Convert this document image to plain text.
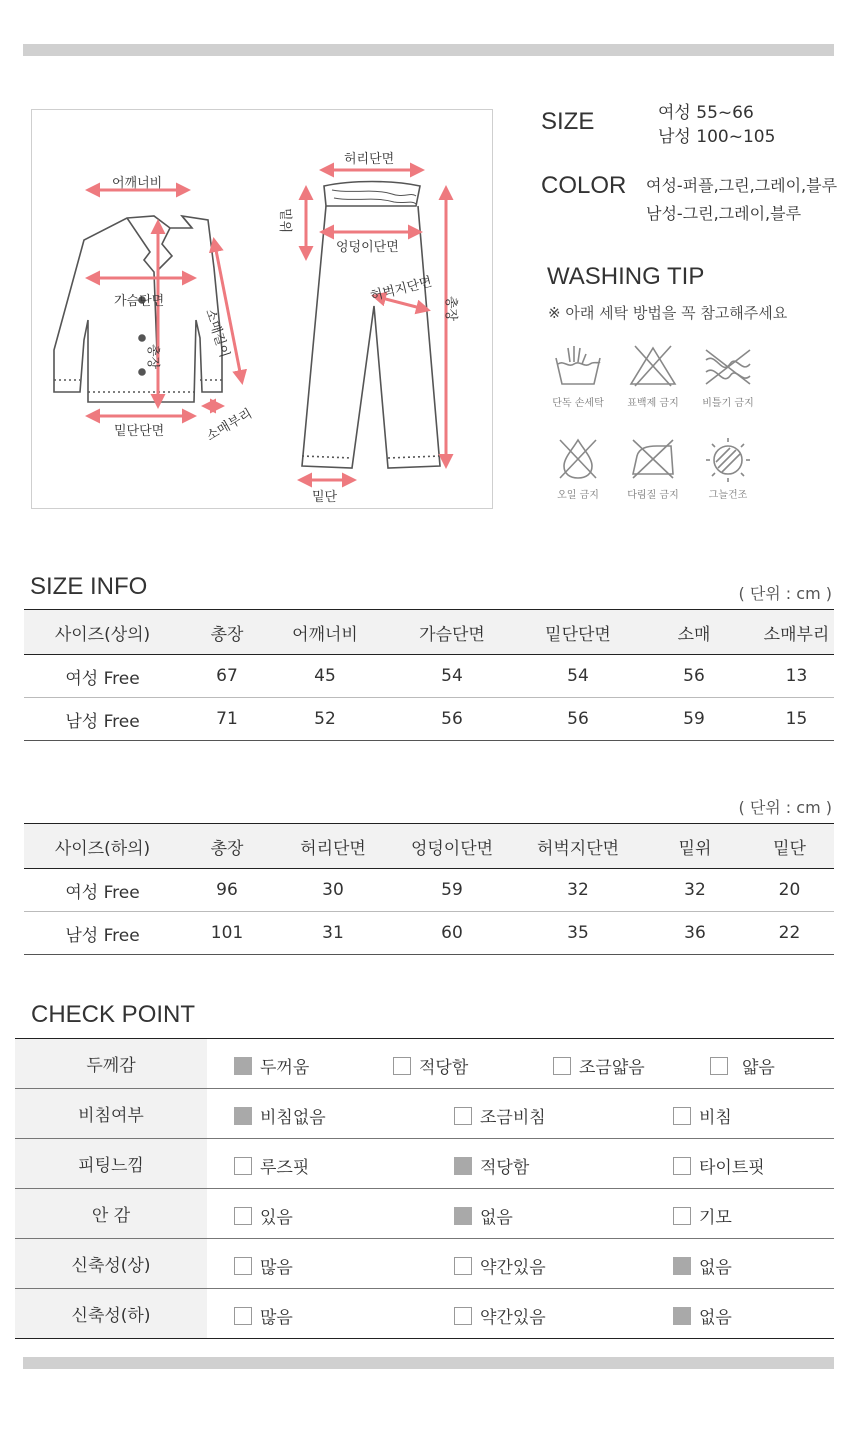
어깨너비
가슴단면
소매길이
총장
밑단단면	소매부리
허리단면
밑위
엉덩이단면
허벅지단면
총장
밑단
SIZE	여성 55~66
남성 100~105
COLOR 여성-퍼플,그린,그레이,블루
남성-그린,그레이,블루
WASHING TIP
※ 아래 세탁 방법을 꼭 참고해주세요
단독 손세탁 표백제 금지 비틀기 금지
오일 금지	다림질 금지	그늘건조
SIZE INFO	( 단위 : cm )
사이즈(상의)	총장	어깨너비	가슴단면	밑단단면	소매	소매부리
여성 Free	67	45	54	54	56	13
남성 Free	71	52	56	56	59	15
( 단위 : cm )
사이즈(하의)	총장	허리단면	엉덩이단면	허벅지단면	밑위	밑단
여성 Free	96	30	59	32	32	20
남성 Free	101	31	60	35	36	22
CHECK POINT
두께감	두꺼움 적당함 조금얇음 얇음

비침여부	비침없음 조금비침 비침

피팅느낌	루즈핏 적당함 타이트핏

안 감	있음 없음 기모

신축성(상)	많음 약간있음 없음

신축성(하)	많음 약간있음 없음
